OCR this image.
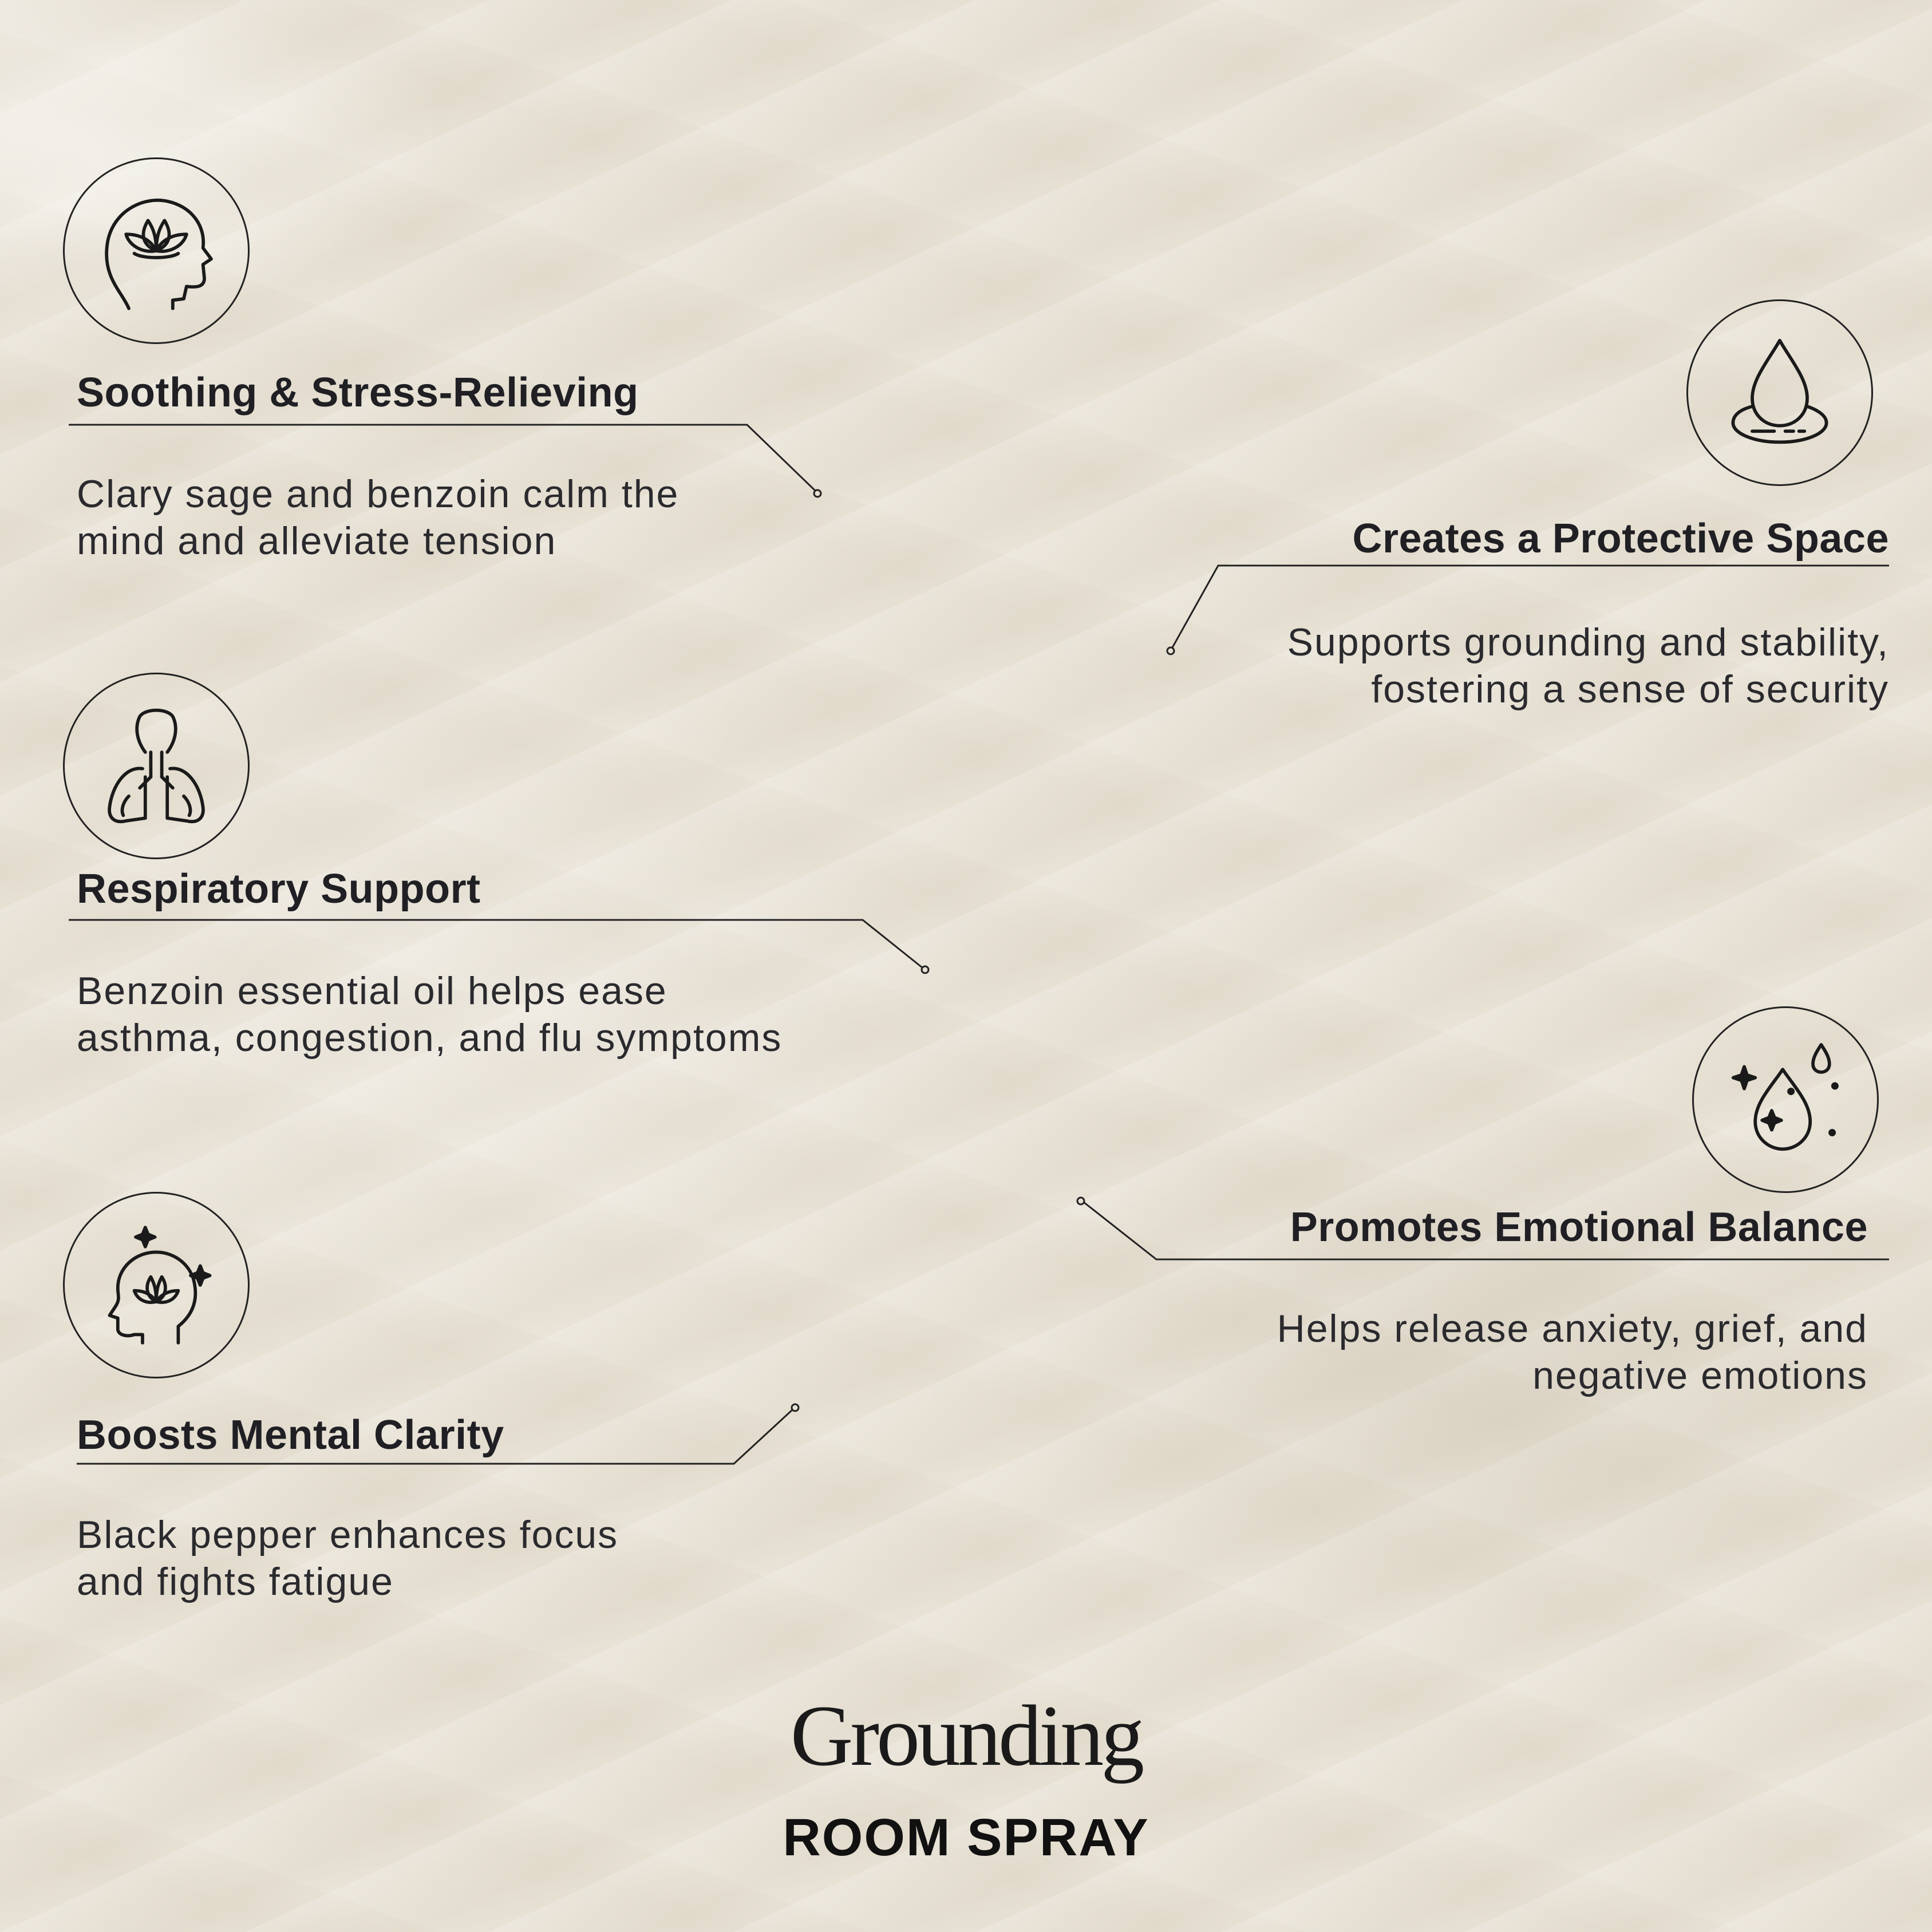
Soothing & Stress-Relieving
Clary sage and benzoin calm the
mind and alleviate tension	Creates a Protective Space
Supports grounding and stability,
fostering a sense of security
Respiratory Support
Benzoin essential oil helps ease
asthma, congestion, and flu symptoms
Promotes Emotional Balance
Helps release anxiety, grief, and
negative emotions
Boosts Mental Clarity
Black pepper enhances focus
and fights fatigue
Grounding
ROOM SPRAY
